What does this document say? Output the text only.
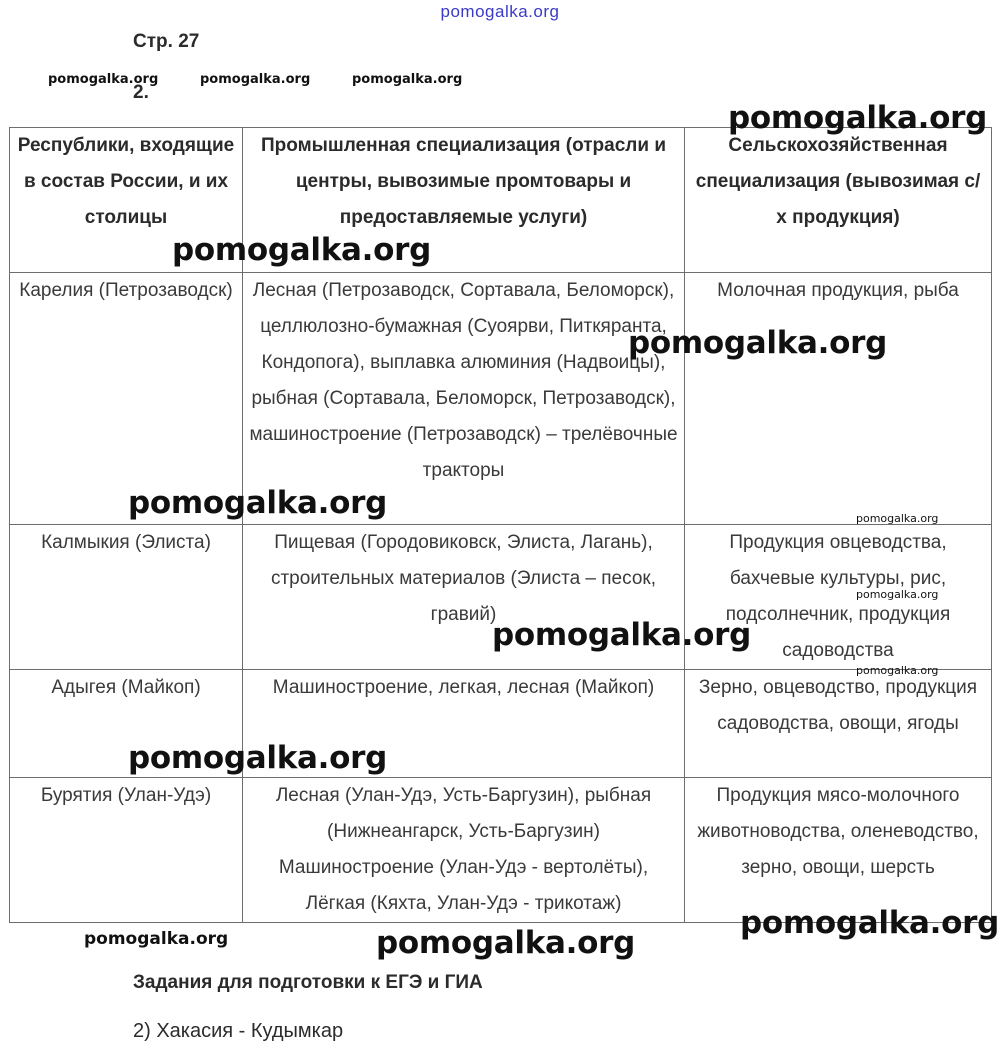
pomogalka.org
Стр. 27
2.
pomogalka.org	pomogalka.org	pomogalka.org
Республики, входящие в состав России, и их столицы	Промышленная специализация (отрасли и центры, вывозимые промтовары и предоставляемые услуги)	Сельскохозяйственная специализация (вывозимая с/х продукция)
Карелия (Петрозаводск)	Лесная (Петрозаводск, Сортавала, Беломорск), целлюлозно-бумажная (Суоярви, Питкяранта, Кондопога), выплавка алюминия (Надвоицы), рыбная (Сортавала, Беломорск, Петрозаводск), машиностроение (Петрозаводск) – трелёвочные тракторы	Молочная продукция, рыба
Калмыкия (Элиста)	Пищевая (Городовиковск, Элиста, Лагань), строительных материалов (Элиста – песок, гравий)	Продукция овцеводства, бахчевые культуры, рис, подсолнечник, продукция садоводства
Адыгея (Майкоп)	Машиностроение, легкая, лесная (Майкоп)	Зерно, овцеводство, продукция садоводства, овощи, ягоды
Бурятия (Улан-Удэ)	Лесная (Улан-Удэ, Усть-Баргузин), рыбная (Нижнеангарск, Усть-Баргузин) Машиностроение (Улан-Удэ - вертолёты), Лёгкая (Кяхта, Улан-Удэ - трикотаж)	Продукция мясо-молочного животноводства, оленеводство, зерно, овощи, шерсть
pomogalka.org
pomogalka.org
pomogalka.org
pomogalka.org
pomogalka.org
pomogalka.org
pomogalka.org
pomogalka.org
pomogalka.org
pomogalka.org
pomogalka.org
pomogalka.org
Задания для подготовки к ЕГЭ и ГИА
2) Хакасия - Кудымкар
